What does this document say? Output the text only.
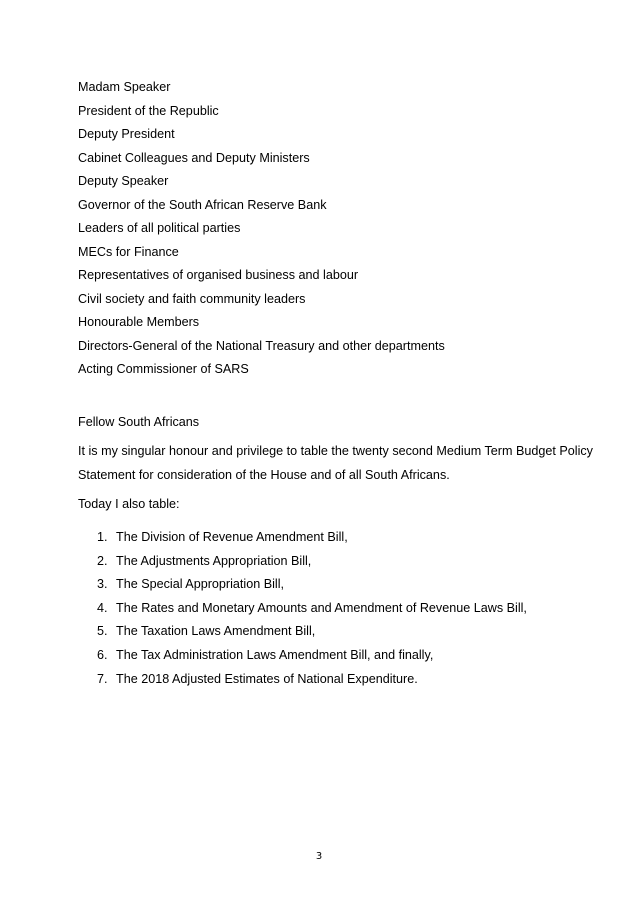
Madam Speaker
President of the Republic
Deputy President
Cabinet Colleagues and Deputy Ministers
Deputy Speaker
Governor of the South African Reserve Bank
Leaders of all political parties
MECs for Finance
Representatives of organised business and labour
Civil society and faith community leaders
Honourable Members
Directors-General of the National Treasury and other departments
Acting Commissioner of SARS

Fellow South Africans

It is my singular honour and privilege to table the twenty second Medium Term Budget Policy Statement for consideration of the House and of all South Africans.

Today I also table:

1. The Division of Revenue Amendment Bill,
2. The Adjustments Appropriation Bill,
3. The Special Appropriation Bill,
4. The Rates and Monetary Amounts and Amendment of Revenue Laws Bill,
5. The Taxation Laws Amendment Bill,
6. The Tax Administration Laws Amendment Bill, and finally,
7. The 2018 Adjusted Estimates of National Expenditure.
3
